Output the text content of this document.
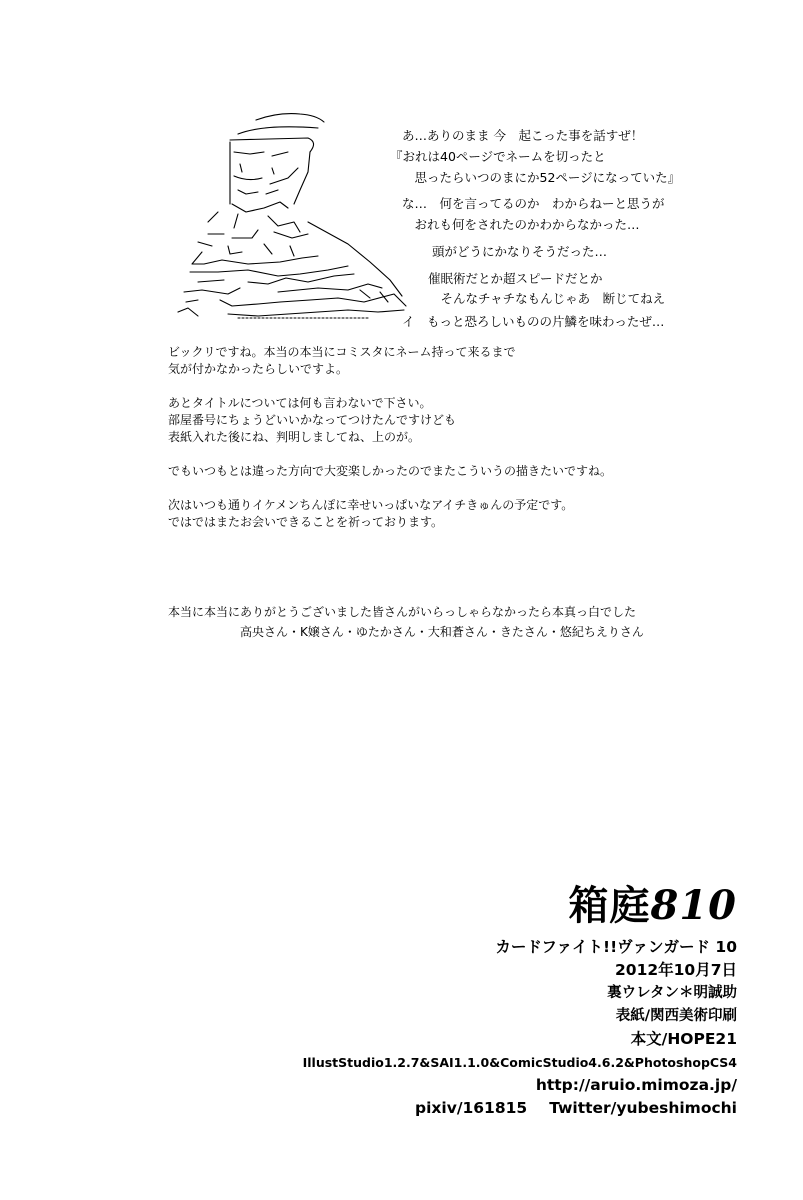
あ…ありのまま 今　起こった事を話すぜ！
『おれは40ページでネームを切ったと
　思ったらいつのまにか52ページになっていた』
な…　何を言ってるのか　わからねーと思うが
　おれも何をされたのかわからなかった…
頭がどうにかなりそうだった…
催眠術だとか超スピードだとか
　そんなチャチなもんじゃあ　断じてねえ
イ　もっと恐ろしいものの片鱗を味わったぜ…
ビックリですね。本当の本当にコミスタにネーム持って来るまで
気が付かなかったらしいですよ。
あとタイトルについては何も言わないで下さい。
部屋番号にちょうどいいかなってつけたんですけども
表紙入れた後にね、判明しましてね、上のが。
でもいつもとは違った方向で大変楽しかったのでまたこういうの描きたいですね。
次はいつも通りイケメンちんぽに幸せいっぱいなアイチきゅんの予定です。
ではではまたお会いできることを祈っております。
本当に本当にありがとうございました皆さんがいらっしゃらなかったら本真っ白でした
高央さん・K嬢さん・ゆたかさん・大和蒼さん・きたさん・悠紀ちえりさん
箱庭810
カードファイト!!ヴァンガード 10
2012年10月7日
裏ウレタン＊明誠助
表紙/関西美術印刷
本文/HOPE21
IllustStudio1.2.7&SAI1.1.0&ComicStudio4.6.2&PhotoshopCS4
http://aruio.mimoza.jp/
pixiv/161815 Twitter/yubeshimochi
